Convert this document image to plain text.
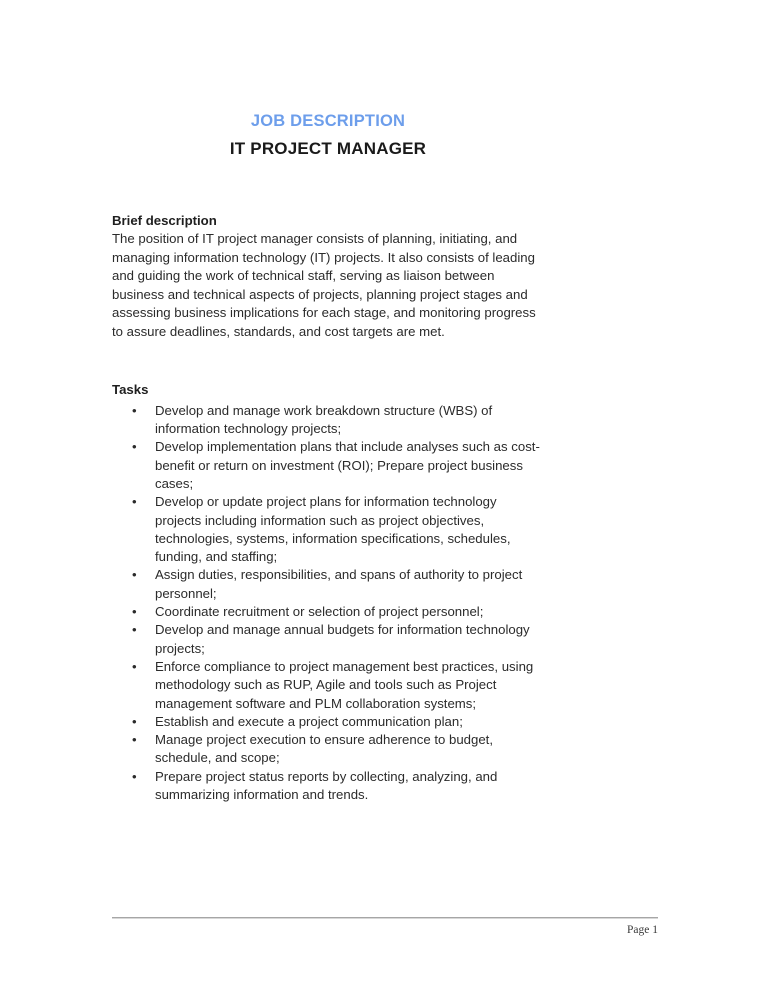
JOB DESCRIPTION

IT PROJECT MANAGER

Brief description

The position of IT project manager consists of planning, initiating, and managing information technology (IT) projects. It also consists of leading and guiding the work of technical staff, serving as liaison between business and technical aspects of projects, planning project stages and assessing business implications for each stage, and monitoring progress to assure deadlines, standards, and cost targets are met.

Tasks
• Develop and manage work breakdown structure (WBS) of information technology projects;
• Develop implementation plans that include analyses such as cost-benefit or return on investment (ROI); Prepare project business cases;
• Develop or update project plans for information technology projects including information such as project objectives, technologies, systems, information specifications, schedules, funding, and staffing;
• Assign duties, responsibilities, and spans of authority to project personnel;
• Coordinate recruitment or selection of project personnel;
• Develop and manage annual budgets for information technology projects;
• Enforce compliance to project management best practices, using methodology such as RUP, Agile and tools such as Project management software and PLM collaboration systems;
• Establish and execute a project communication plan;
• Manage project execution to ensure adherence to budget, schedule, and scope;
• Prepare project status reports by collecting, analyzing, and summarizing information and trends.
Page 1
